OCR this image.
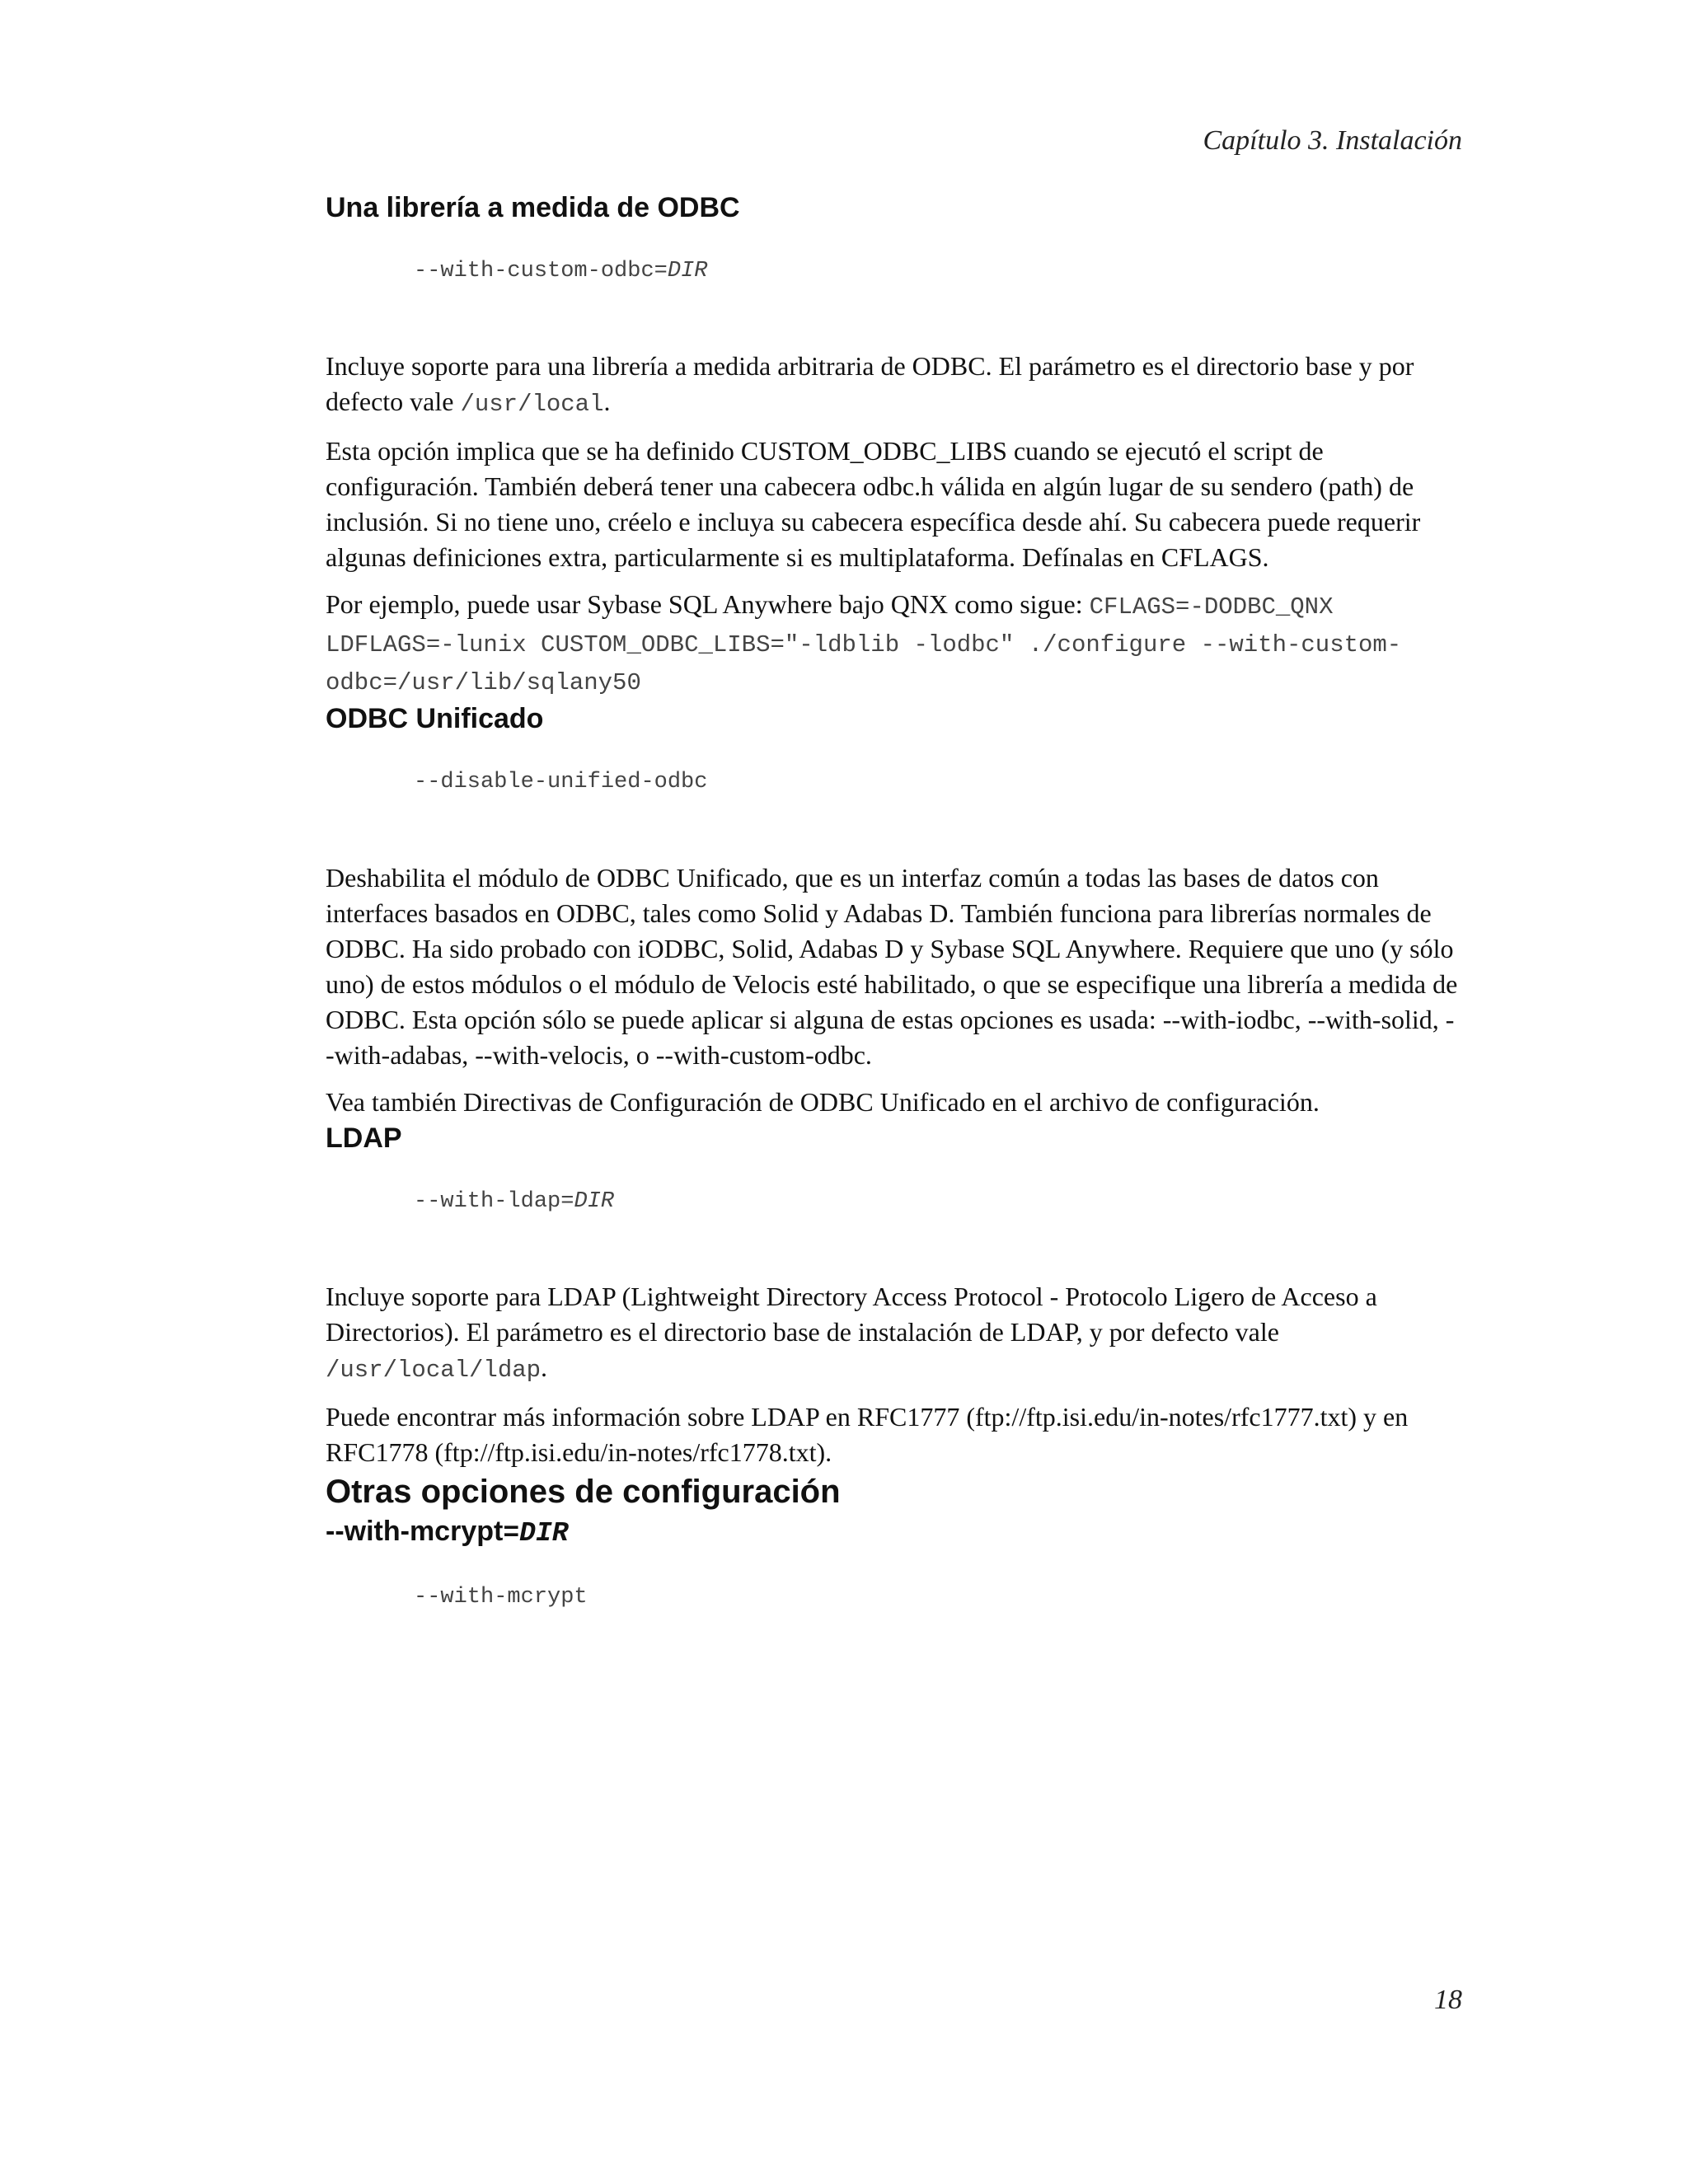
Capítulo 3. Instalación
Una librería a medida de ODBC
--with-custom-odbc=DIR

Incluye soporte para una librería a medida arbitraria de ODBC. El parámetro es el directorio base y por defecto vale /usr/local.

Esta opción implica que se ha definido CUSTOM_ODBC_LIBS cuando se ejecutó el script de configuración. También deberá tener una cabecera odbc.h válida en algún lugar de su sendero (path) de inclusión. Si no tiene uno, créelo e incluya su cabecera específica desde ahí. Su cabecera puede requerir algunas definiciones extra, particularmente si es multiplataforma. Defínalas en CFLAGS.

Por ejemplo, puede usar Sybase SQL Anywhere bajo QNX como sigue: CFLAGS=-DODBC_QNX LDFLAGS=-lunix CUSTOM_ODBC_LIBS="-ldblib -lodbc" ./configure --with-custom-odbc=/usr/lib/sqlany50

ODBC Unificado
--disable-unified-odbc

Deshabilita el módulo de ODBC Unificado, que es un interfaz común a todas las bases de datos con interfaces basados en ODBC, tales como Solid y Adabas D. También funciona para librerías normales de ODBC. Ha sido probado con iODBC, Solid, Adabas D y Sybase SQL Anywhere. Requiere que uno (y sólo uno) de estos módulos o el módulo de Velocis esté habilitado, o que se especifique una librería a medida de ODBC. Esta opción sólo se puede aplicar si alguna de estas opciones es usada: --with-iodbc, --with-solid, --with-adabas, --with-velocis, o --with-custom-odbc.

Vea también Directivas de Configuración de ODBC Unificado en el archivo de configuración.

LDAP
--with-ldap=DIR

Incluye soporte para LDAP (Lightweight Directory Access Protocol - Protocolo Ligero de Acceso a Directorios). El parámetro es el directorio base de instalación de LDAP, y por defecto vale /usr/local/ldap.

Puede encontrar más información sobre LDAP en RFC1777 (ftp://ftp.isi.edu/in-notes/rfc1777.txt) y en RFC1778 (ftp://ftp.isi.edu/in-notes/rfc1778.txt).

Otras opciones de configuración
--with-mcrypt=DIR
--with-mcrypt
18
